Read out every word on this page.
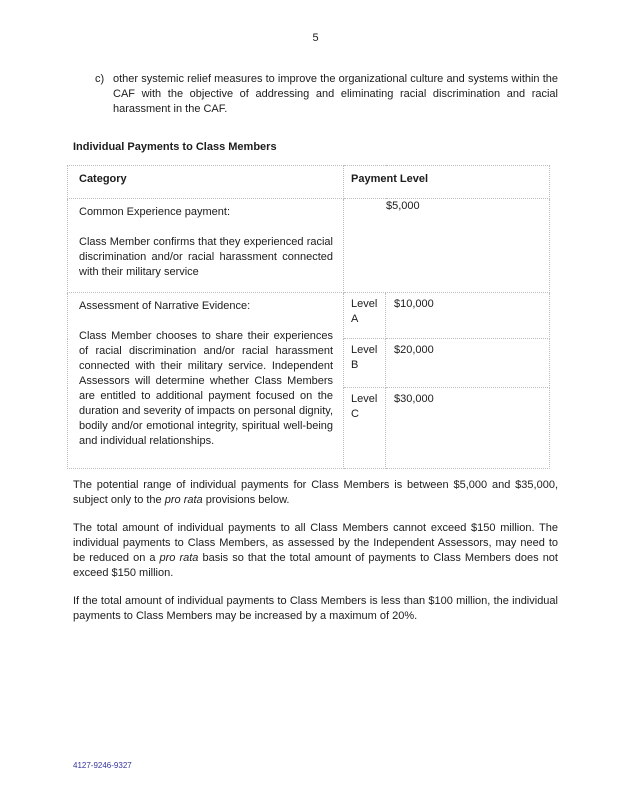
5
c) other systemic relief measures to improve the organizational culture and systems within the CAF with the objective of addressing and eliminating racial discrimination and racial harassment in the CAF.
Individual Payments to Class Members
Category	Payment Level	

Common Experience payment:
Class Member confirms that they experienced racial discrimination and/or racial harassment connected with their military service	$5,000	

Assessment of Narrative Evidence:
Class Member chooses to share their experiences of racial discrimination and/or racial harassment connected with their military service. Independent Assessors will determine whether Class Members are entitled to additional payment focused on the duration and severity of impacts on personal dignity, bodily and/or emotional integrity, spiritual well-being and individual relationships.	Level A	$10,000
	Level B	$20,000
	Level C	$30,000
The potential range of individual payments for Class Members is between $5,000 and $35,000, subject only to the pro rata provisions below.
The total amount of individual payments to all Class Members cannot exceed $150 million. The individual payments to Class Members, as assessed by the Independent Assessors, may need to be reduced on a pro rata basis so that the total amount of payments to Class Members does not exceed $150 million.
If the total amount of individual payments to Class Members is less than $100 million, the individual payments to Class Members may be increased by a maximum of 20%.
4127-9246-9327
